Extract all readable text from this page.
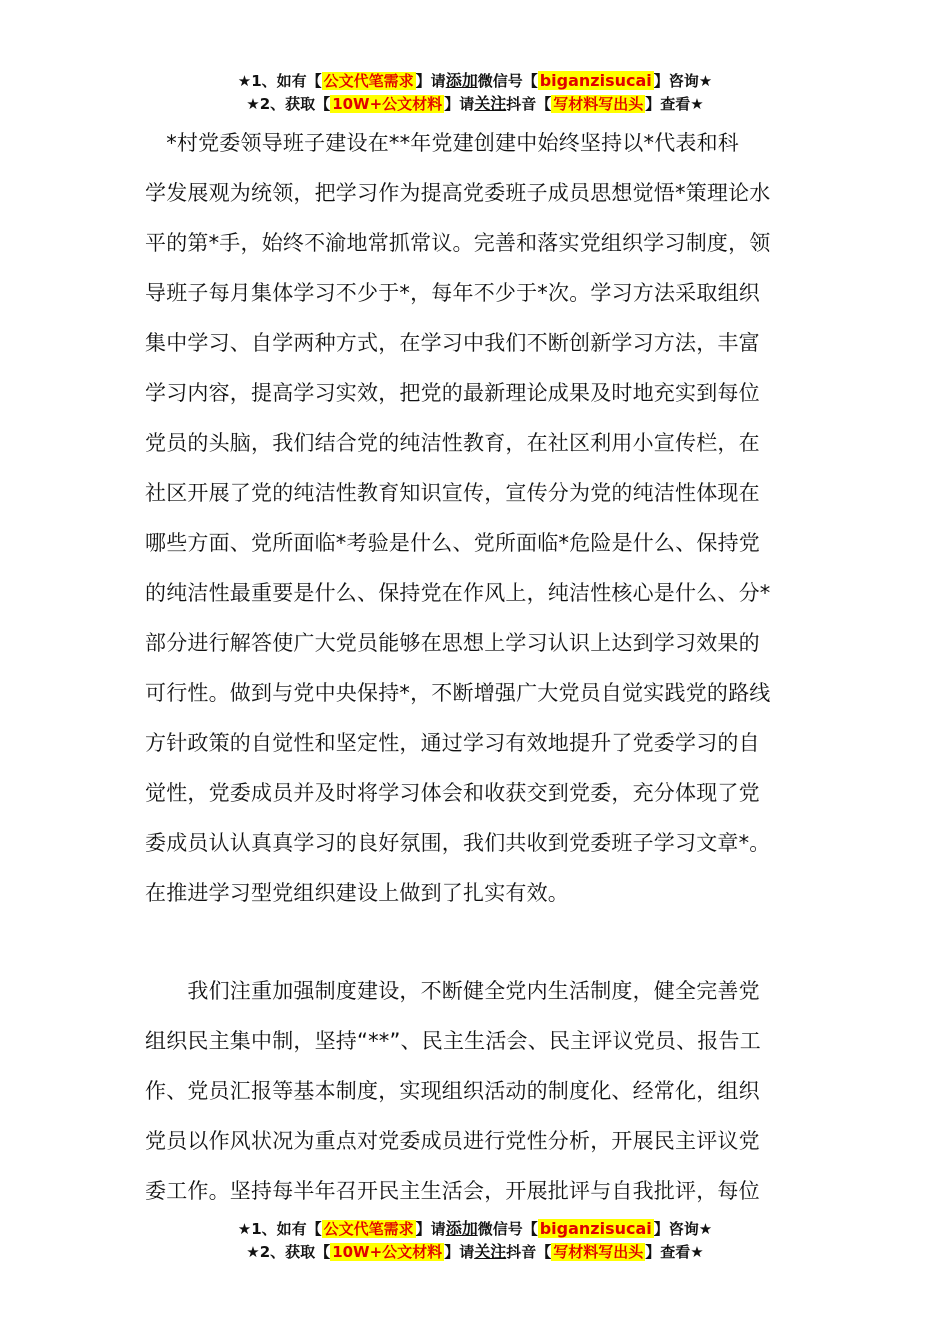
★1、如有【 公文代笔需求 】请添加微信号【 biganzisucai 】咨询★
★2、获取【 10W+公文材料 】请关注抖音【 写材料写出头 】查看★
　*村党委领导班子建设在**年党建创建中始终坚持以*代表和科
学发展观为统领，把学习作为提高党委班子成员思想觉悟*策理论水
平的第*手，始终不渝地常抓常议。完善和落实党组织学习制度，领
导班子每月集体学习不少于*，每年不少于*次。学习方法采取组织
集中学习、自学两种方式，在学习中我们不断创新学习方法，丰富
学习内容，提高学习实效，把党的最新理论成果及时地充实到每位
党员的头脑，我们结合党的纯洁性教育，在社区利用小宣传栏，在
社区开展了党的纯洁性教育知识宣传，宣传分为党的纯洁性体现在
哪些方面、党所面临*考验是什么、党所面临*危险是什么、保持党
的纯洁性最重要是什么、保持党在作风上，纯洁性核心是什么、分*
部分进行解答使广大党员能够在思想上学习认识上达到学习效果的
可行性。做到与党中央保持*，不断增强广大党员自觉实践党的路线
方针政策的自觉性和坚定性，通过学习有效地提升了党委学习的自
觉性，党委成员并及时将学习体会和收获交到党委，充分体现了党
委成员认认真真学习的良好氛围，我们共收到党委班子学习文章*。
在推进学习型党组织建设上做到了扎实有效。
　　我们注重加强制度建设，不断健全党内生活制度，健全完善党
组织民主集中制，坚持“**”、民主生活会、民主评议党员、报告工
作、党员汇报等基本制度，实现组织活动的制度化、经常化，组织
党员以作风状况为重点对党委成员进行党性分析，开展民主评议党
委工作。坚持每半年召开民主生活会，开展批评与自我批评，每位
★1、如有【 公文代笔需求 】请添加微信号【 biganzisucai 】咨询★
★2、获取【 10W+公文材料 】请关注抖音【 写材料写出头 】查看★
